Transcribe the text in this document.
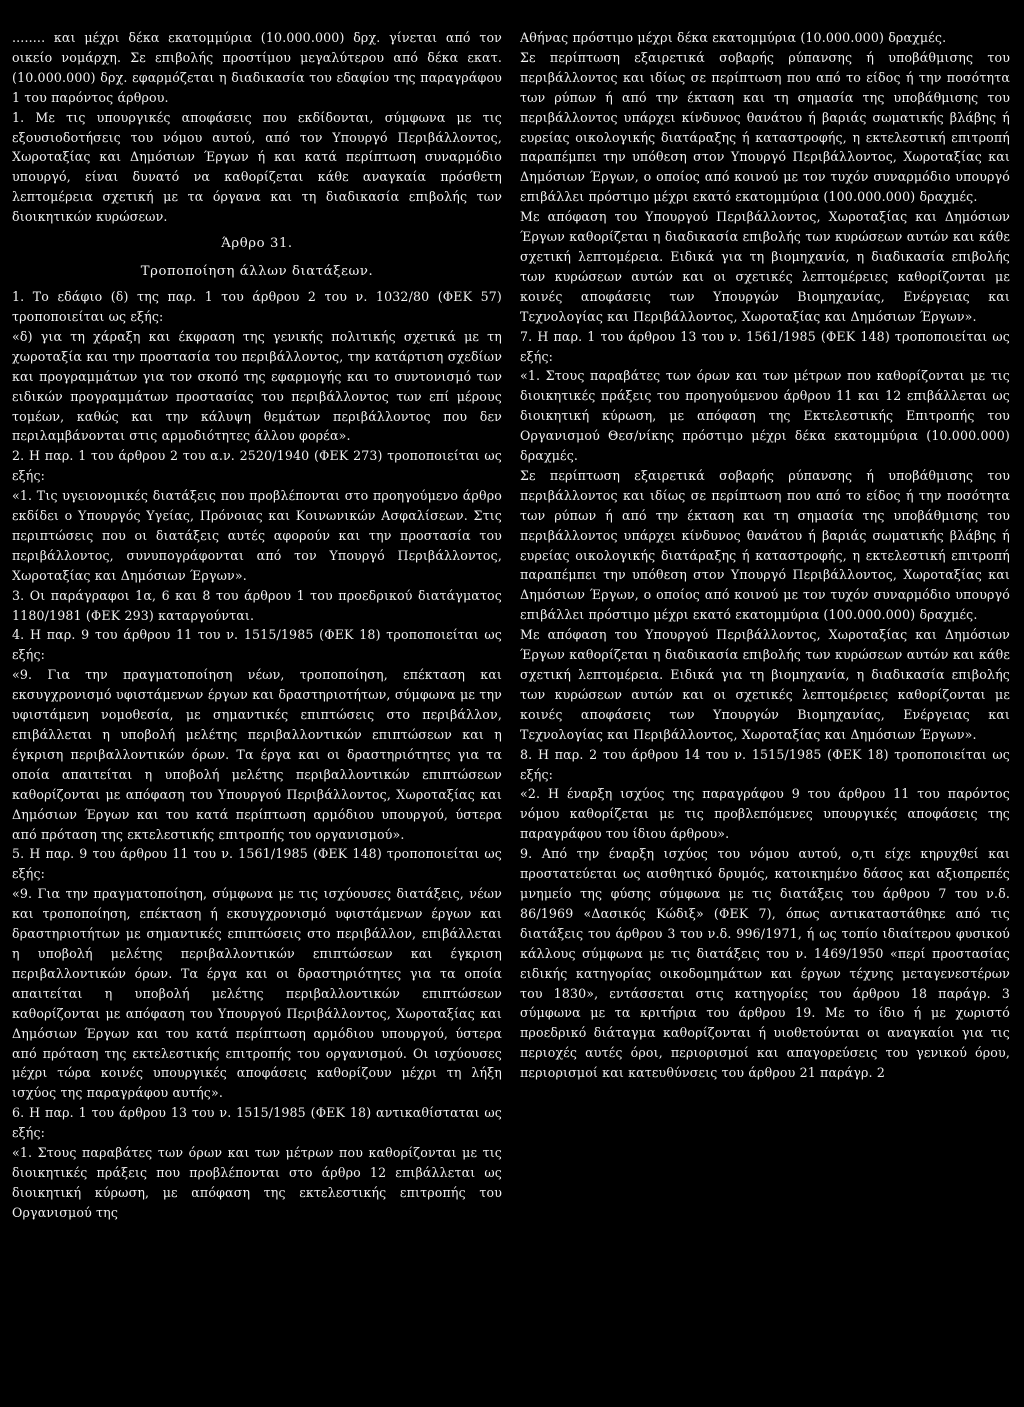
........ και μέχρι δέκα εκατομμύρια (10.000.000) δρχ. γίνεται από τον οικείο νομάρχη. Σε επιβολής προστίμου μεγαλύτερου από δέκα εκατ. (10.000.000) δρχ. εφαρμόζεται η διαδικασία του εδαφίου της παραγράφου 1 του παρόντος άρθρου.

1. Με τις υπουργικές αποφάσεις που εκδίδονται, σύμφωνα με τις εξουσιοδοτήσεις του νόμου αυτού, από τον Υπουργό Περιβάλλοντος, Χωροταξίας και Δημόσιων Έργων ή και κατά περίπτωση συναρμόδιο υπουργό, είναι δυνατό να καθορίζεται κάθε αναγκαία πρόσθετη λεπτομέρεια σχετική με τα όργανα και τη διαδικασία επιβολής των διοικητικών κυρώσεων.

Άρθρο 31.

Τροποποίηση άλλων διατάξεων.

1. Το εδάφιο (δ) της παρ. 1 του άρθρου 2 του ν. 1032/80 (ΦΕΚ 57) τροποποιείται ως εξής:

«δ) για τη χάραξη και έκφραση της γενικής πολιτικής σχετικά με τη χωροταξία και την προστασία του περιβάλλοντος, την κατάρτιση σχεδίων και προγραμμάτων για τον σκοπό της εφαρμογής και το συντονισμό των ειδικών προγραμμάτων προστασίας του περιβάλλοντος των επί μέρους τομέων, καθώς και την κάλυψη θεμάτων περιβάλλοντος που δεν περιλαμβάνονται στις αρμοδιότητες άλλου φορέα».

2. Η παρ. 1 του άρθρου 2 του α.ν. 2520/1940 (ΦΕΚ 273) τροποποιείται ως εξής:

«1. Τις υγειονομικές διατάξεις που προβλέπονται στο προηγούμενο άρθρο εκδίδει ο Υπουργός Υγείας, Πρόνοιας και Κοινωνικών Ασφαλίσεων. Στις περιπτώσεις που οι διατάξεις αυτές αφορούν και την προστασία του περιβάλλοντος, συνυπογράφονται από τον Υπουργό Περιβάλλοντος, Χωροταξίας και Δημόσιων Έργων».

3. Οι παράγραφοι 1α, 6 και 8 του άρθρου 1 του προεδρικού διατάγματος 1180/1981 (ΦΕΚ 293) καταργούνται.

4. Η παρ. 9 του άρθρου 11 του ν. 1515/1985 (ΦΕΚ 18) τροποποιείται ως εξής:

«9. Για την πραγματοποίηση νέων, τροποποίηση, επέκταση και εκσυγχρονισμό υφιστάμενων έργων και δραστηριοτήτων, σύμφωνα με την υφιστάμενη νομοθεσία, με σημαντικές επιπτώσεις στο περιβάλλον, επιβάλλεται η υποβολή μελέτης περιβαλλοντικών επιπτώσεων και η έγκριση περιβαλλοντικών όρων. Τα έργα και οι δραστηριότητες για τα οποία απαιτείται η υποβολή μελέτης περιβαλλοντικών επιπτώσεων καθορίζονται με απόφαση του Υπουργού Περιβάλλοντος, Χωροταξίας και Δημόσιων Έργων και του κατά περίπτωση αρμόδιου υπουργού, ύστερα από πρόταση της εκτελεστικής επιτροπής του οργανισμού».

5. Η παρ. 9 του άρθρου 11 του ν. 1561/1985 (ΦΕΚ 148) τροποποιείται ως εξής:

«9. Για την πραγματοποίηση, σύμφωνα με τις ισχύουσες διατάξεις, νέων και τροποποίηση, επέκταση ή εκσυγχρονισμό υφιστάμενων έργων και δραστηριοτήτων με σημαντικές επιπτώσεις στο περιβάλλον, επιβάλλεται η υποβολή μελέτης περιβαλλοντικών επιπτώσεων και έγκριση περιβαλλοντικών όρων. Τα έργα και οι δραστηριότητες για τα οποία απαιτείται η υποβολή μελέτης περιβαλλοντικών επιπτώσεων καθορίζονται με απόφαση του Υπουργού Περιβάλλοντος, Χωροταξίας και Δημόσιων Έργων και του κατά περίπτωση αρμόδιου υπουργού, ύστερα από πρόταση της εκτελεστικής επιτροπής του οργανισμού. Οι ισχύουσες μέχρι τώρα κοινές υπουργικές αποφάσεις καθορίζουν μέχρι τη λήξη ισχύος της παραγράφου αυτής».

6. Η παρ. 1 του άρθρου 13 του ν. 1515/1985 (ΦΕΚ 18) αντικαθίσταται ως εξής:

«1. Στους παραβάτες των όρων και των μέτρων που καθορίζονται με τις διοικητικές πράξεις που προβλέπονται στο άρθρο 12 επιβάλλεται ως διοικητική κύρωση, με απόφαση της εκτελεστικής επιτροπής του Οργανισμού της

Αθήνας πρόστιμο μέχρι δέκα εκατομμύρια (10.000.000) δραχμές.

Σε περίπτωση εξαιρετικά σοβαρής ρύπανσης ή υποβάθμισης του περιβάλλοντος και ιδίως σε περίπτωση που από το είδος ή την ποσότητα των ρύπων ή από την έκταση και τη σημασία της υποβάθμισης του περιβάλλοντος υπάρχει κίνδυνος θανάτου ή βαριάς σωματικής βλάβης ή ευρείας οικολογικής διατάραξης ή καταστροφής, η εκτελεστική επιτροπή παραπέμπει την υπόθεση στον Υπουργό Περιβάλλοντος, Χωροταξίας και Δημόσιων Έργων, ο οποίος από κοινού με τον τυχόν συναρμόδιο υπουργό επιβάλλει πρόστιμο μέχρι εκατό εκατομμύρια (100.000.000) δραχμές.

Με απόφαση του Υπουργού Περιβάλλοντος, Χωροταξίας και Δημόσιων Έργων καθορίζεται η διαδικασία επιβολής των κυρώσεων αυτών και κάθε σχετική λεπτομέρεια. Ειδικά για τη βιομηχανία, η διαδικασία επιβολής των κυρώσεων αυτών και οι σχετικές λεπτομέρειες καθορίζονται με κοινές αποφάσεις των Υπουργών Βιομηχανίας, Ενέργειας και Τεχνολογίας και Περιβάλλοντος, Χωροταξίας και Δημόσιων Έργων».

7. Η παρ. 1 του άρθρου 13 του ν. 1561/1985 (ΦΕΚ 148) τροποποιείται ως εξής:

«1. Στους παραβάτες των όρων και των μέτρων που καθορίζονται με τις διοικητικές πράξεις του προηγούμενου άρθρου 11 και 12 επιβάλλεται ως διοικητική κύρωση, με απόφαση της Εκτελεστικής Επιτροπής του Οργανισμού Θεσ/νίκης πρόστιμο μέχρι δέκα εκατομμύρια (10.000.000) δραχμές.

Σε περίπτωση εξαιρετικά σοβαρής ρύπανσης ή υποβάθμισης του περιβάλλοντος και ιδίως σε περίπτωση που από το είδος ή την ποσότητα των ρύπων ή από την έκταση και τη σημασία της υποβάθμισης του περιβάλλοντος υπάρχει κίνδυνος θανάτου ή βαριάς σωματικής βλάβης ή ευρείας οικολογικής διατάραξης ή καταστροφής, η εκτελεστική επιτροπή παραπέμπει την υπόθεση στον Υπουργό Περιβάλλοντος, Χωροταξίας και Δημόσιων Έργων, ο οποίος από κοινού με τον τυχόν συναρμόδιο υπουργό επιβάλλει πρόστιμο μέχρι εκατό εκατομμύρια (100.000.000) δραχμές.

Με απόφαση του Υπουργού Περιβάλλοντος, Χωροταξίας και Δημόσιων Έργων καθορίζεται η διαδικασία επιβολής των κυρώσεων αυτών και κάθε σχετική λεπτομέρεια. Ειδικά για τη βιομηχανία, η διαδικασία επιβολής των κυρώσεων αυτών και οι σχετικές λεπτομέρειες καθορίζονται με κοινές αποφάσεις των Υπουργών Βιομηχανίας, Ενέργειας και Τεχνολογίας και Περιβάλλοντος, Χωροταξίας και Δημόσιων Έργων».

8. Η παρ. 2 του άρθρου 14 του ν. 1515/1985 (ΦΕΚ 18) τροποποιείται ως εξής:

«2. Η έναρξη ισχύος της παραγράφου 9 του άρθρου 11 του παρόντος νόμου καθορίζεται με τις προβλεπόμενες υπουργικές αποφάσεις της παραγράφου του ίδιου άρθρου».

9. Από την έναρξη ισχύος του νόμου αυτού, ο,τι είχε κηρυχθεί και προστατεύεται ως αισθητικό δρυμός, κατοικημένο δάσος και αξιοπρεπές μνημείο της φύσης σύμφωνα με τις διατάξεις του άρθρου 7 του ν.δ. 86/1969 «Δασικός Κώδιξ» (ΦΕΚ 7), όπως αντικαταστάθηκε από τις διατάξεις του άρθρου 3 του ν.δ. 996/1971, ή ως τοπίο ιδιαίτερου φυσικού κάλλους σύμφωνα με τις διατάξεις του ν. 1469/1950 «περί προστασίας ειδικής κατηγορίας οικοδομημάτων και έργων τέχνης μεταγενεστέρων του 1830», εντάσσεται στις κατηγορίες του άρθρου 18 παράγρ. 3 σύμφωνα με τα κριτήρια του άρθρου 19. Με το ίδιο ή με χωριστό προεδρικό διάταγμα καθορίζονται ή υιοθετούνται οι αναγκαίοι για τις περιοχές αυτές όροι, περιορισμοί και απαγορεύσεις του γενικού όρου, περιορισμοί και κατευθύνσεις του άρθρου 21 παράγρ. 2
